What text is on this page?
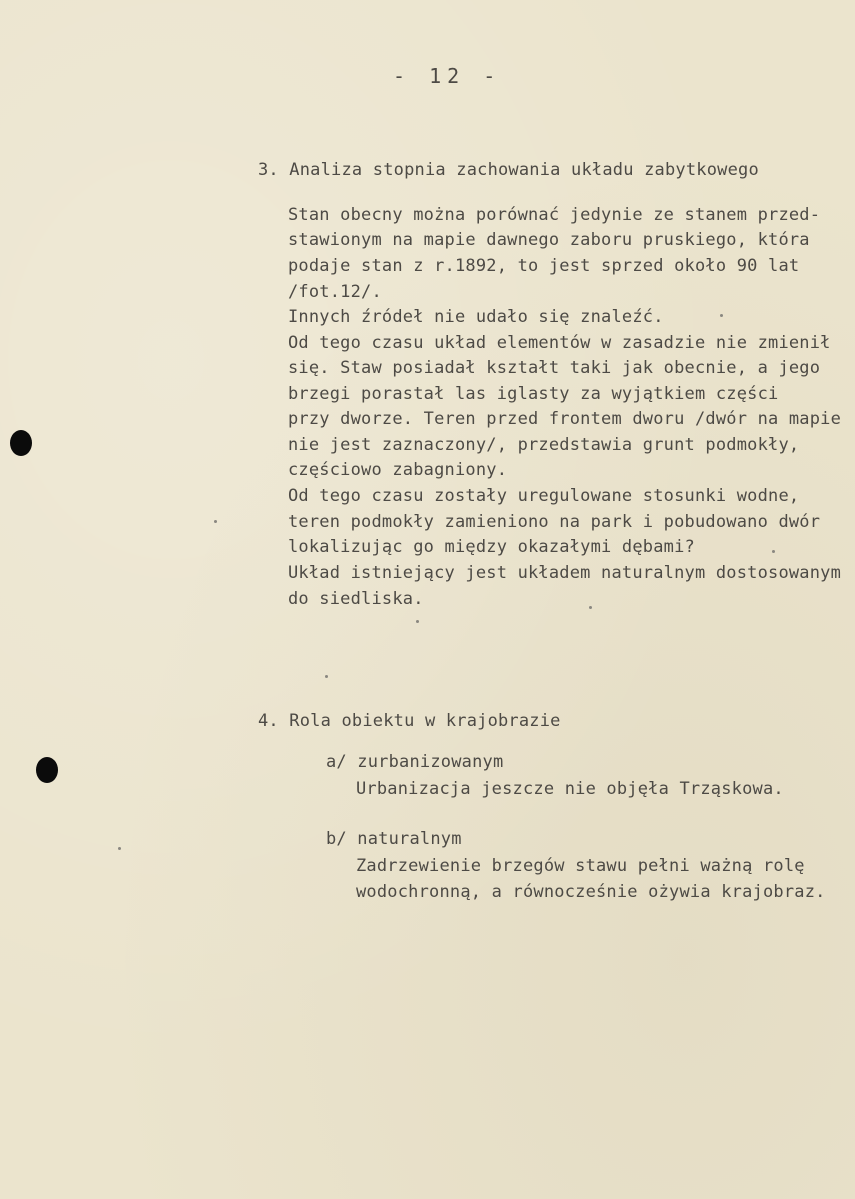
- 12 -
3. Analiza stopnia zachowania układu zabytkowego
Stan obecny można porównać jedynie ze stanem przed-
stawionym na mapie dawnego zaboru pruskiego, która
podaje stan z r.1892, to jest sprzed około 90 lat
/fot.12/.
Innych źródeł nie udało się znaleźć.
Od tego czasu układ elementów w zasadzie nie zmienił
się. Staw posiadał kształt taki jak obecnie, a jego
brzegi porastał las iglasty za wyjątkiem części
przy dworze. Teren przed frontem dworu /dwór na mapie
nie jest zaznaczony/, przedstawia grunt podmokły,
częściowo zabagniony.
Od tego czasu zostały uregulowane stosunki wodne,
teren podmokły zamieniono na park i pobudowano dwór
lokalizując go między okazałymi dębami?
Układ istniejący jest układem naturalnym dostosowanym
do siedliska.
4. Rola obiektu w krajobrazie
a/ zurbanizowanym
Urbanizacja jeszcze nie objęła Trząskowa.
b/ naturalnym
Zadrzewienie brzegów stawu pełni ważną rolę
wodochronną, a równocześnie ożywia krajobraz.
